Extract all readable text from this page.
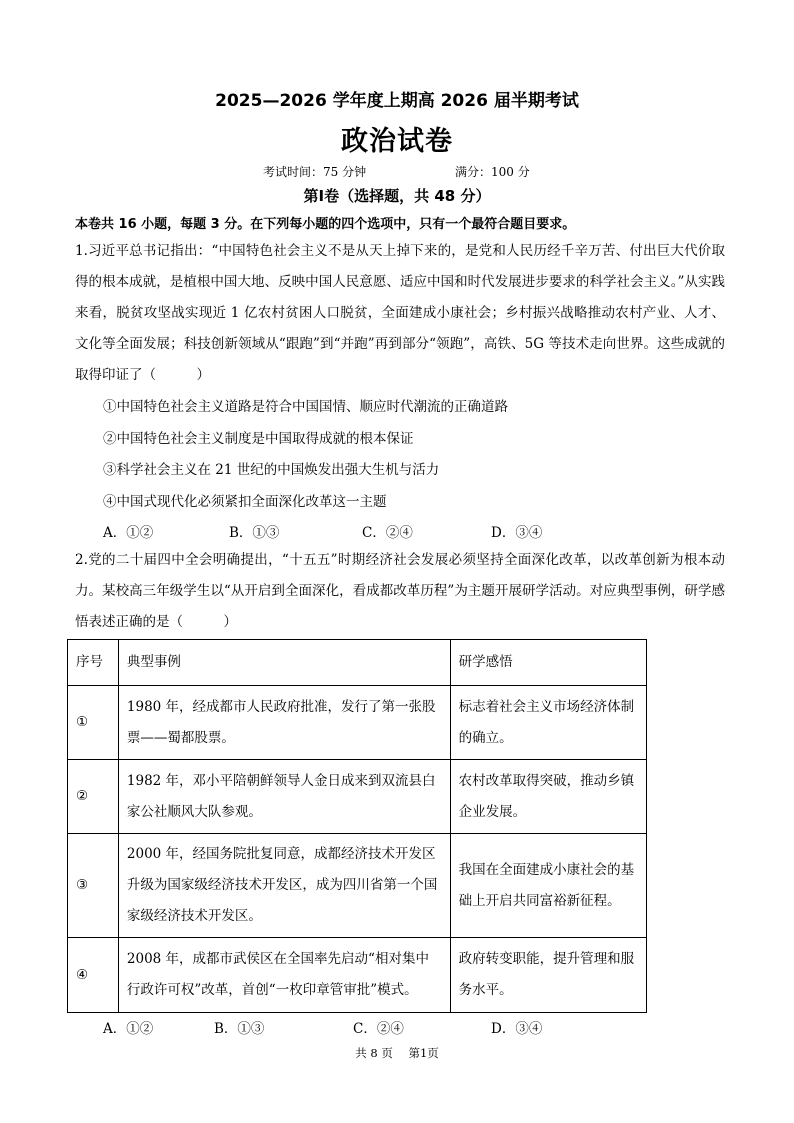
2025—2026 学年度上期高 2026 届半期考试
政治试卷
考试时间：75 分钟	满分：100 分
第Ⅰ卷（选择题，共 48 分）
本卷共 16 小题，每题 3 分。在下列每小题的四个选项中，只有一个最符合题目要求。
1.习近平总书记指出：“中国特色社会主义不是从天上掉下来的，是党和人民历经千辛万苦、付出巨大代价取得的根本成就，是植根中国大地、反映中国人民意愿、适应中国和时代发展进步要求的科学社会主义。”从实践来看，脱贫攻坚战实现近 1 亿农村贫困人口脱贫，全面建成小康社会；乡村振兴战略推动农村产业、人才、文化等全面发展；科技创新领域从“跟跑”到“并跑”再到部分“领跑”，高铁、5G 等技术走向世界。这些成就的取得印证了（　　　）
①中国特色社会主义道路是符合中国国情、顺应时代潮流的正确道路
②中国特色社会主义制度是中国取得成就的根本保证
③科学社会主义在 21 世纪的中国焕发出强大生机与活力
④中国式现代化必须紧扣全面深化改革这一主题
A．①②	B．①③	C．②④	D．③④
2.党的二十届四中全会明确提出，“十五五”时期经济社会发展必须坚持全面深化改革，以改革创新为根本动力。某校高三年级学生以“从开启到全面深化，看成都改革历程”为主题开展研学活动。对应典型事例，研学感悟表述正确的是（　　　）
序号	典型事例	研学感悟
①	1980 年，经成都市人民政府批准，发行了第一张股票——蜀都股票。	标志着社会主义市场经济体制的确立。
②	1982 年，邓小平陪朝鲜领导人金日成来到双流县白家公社顺风大队参观。	农村改革取得突破，推动乡镇企业发展。
③	2000 年，经国务院批复同意，成都经济技术开发区升级为国家级经济技术开发区，成为四川省第一个国家级经济技术开发区。	我国在全面建成小康社会的基础上开启共同富裕新征程。
④	2008 年，成都市武侯区在全国率先启动“相对集中行政许可权”改革，首创“一枚印章管审批”模式。	政府转变职能，提升管理和服务水平。
A．①②	B．①③	C．②④	D．③④
共 8 页 第1页
